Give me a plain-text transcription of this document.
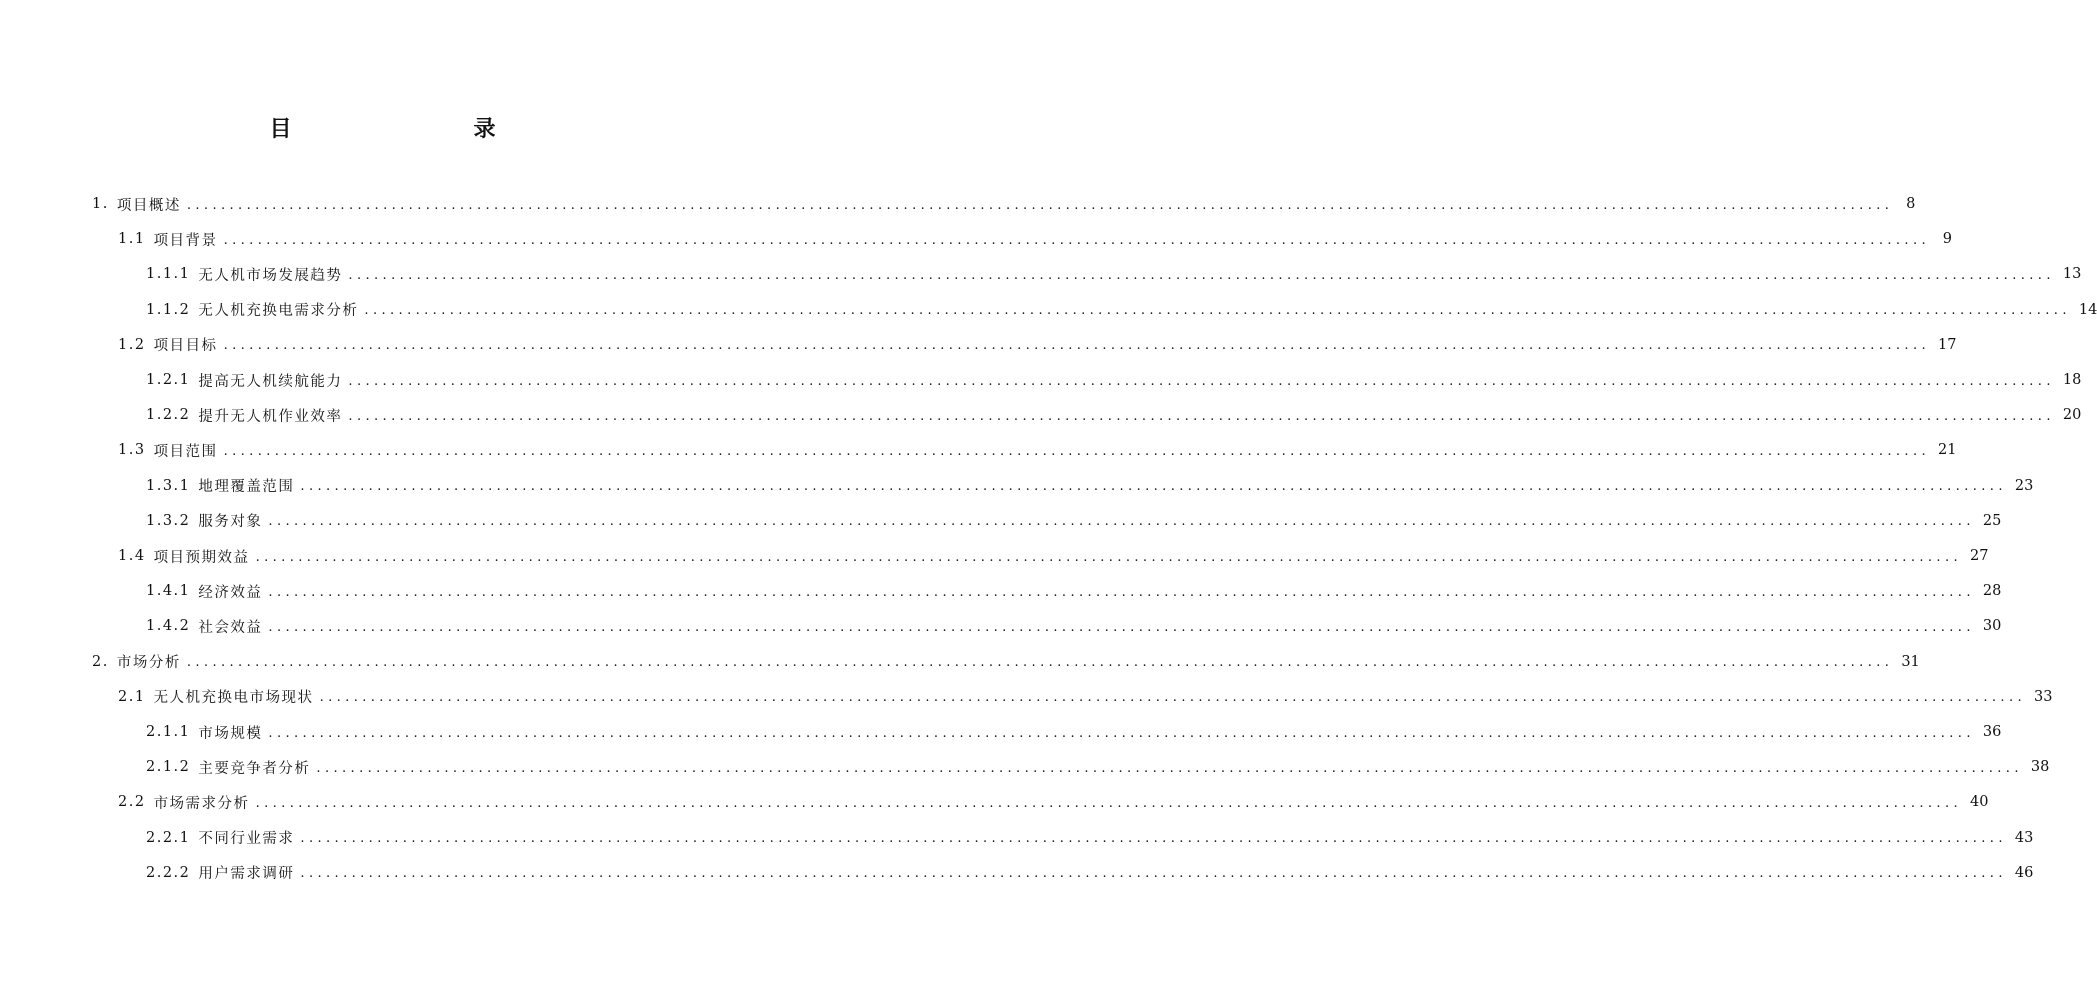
目　　录
1. 项目概述 ........................................................................................................................................................................................................ 8
1.1 项目背景 ........................................................................................................................................................................................................ 9
1.1.1 无人机市场发展趋势 ........................................................................................................................................................................................................ 13
1.1.2 无人机充换电需求分析 ........................................................................................................................................................................................................ 14
1.2 项目目标 ........................................................................................................................................................................................................ 17
1.2.1 提高无人机续航能力 ........................................................................................................................................................................................................ 18
1.2.2 提升无人机作业效率 ........................................................................................................................................................................................................ 20
1.3 项目范围 ........................................................................................................................................................................................................ 21
1.3.1 地理覆盖范围 ........................................................................................................................................................................................................ 23
1.3.2 服务对象 ........................................................................................................................................................................................................ 25
1.4 项目预期效益 ........................................................................................................................................................................................................ 27
1.4.1 经济效益 ........................................................................................................................................................................................................ 28
1.4.2 社会效益 ........................................................................................................................................................................................................ 30
2. 市场分析 ........................................................................................................................................................................................................ 31
2.1 无人机充换电市场现状 ........................................................................................................................................................................................................ 33
2.1.1 市场规模 ........................................................................................................................................................................................................ 36
2.1.2 主要竞争者分析 ........................................................................................................................................................................................................ 38
2.2 市场需求分析 ........................................................................................................................................................................................................ 40
2.2.1 不同行业需求 ........................................................................................................................................................................................................ 43
2.2.2 用户需求调研 ........................................................................................................................................................................................................ 46
